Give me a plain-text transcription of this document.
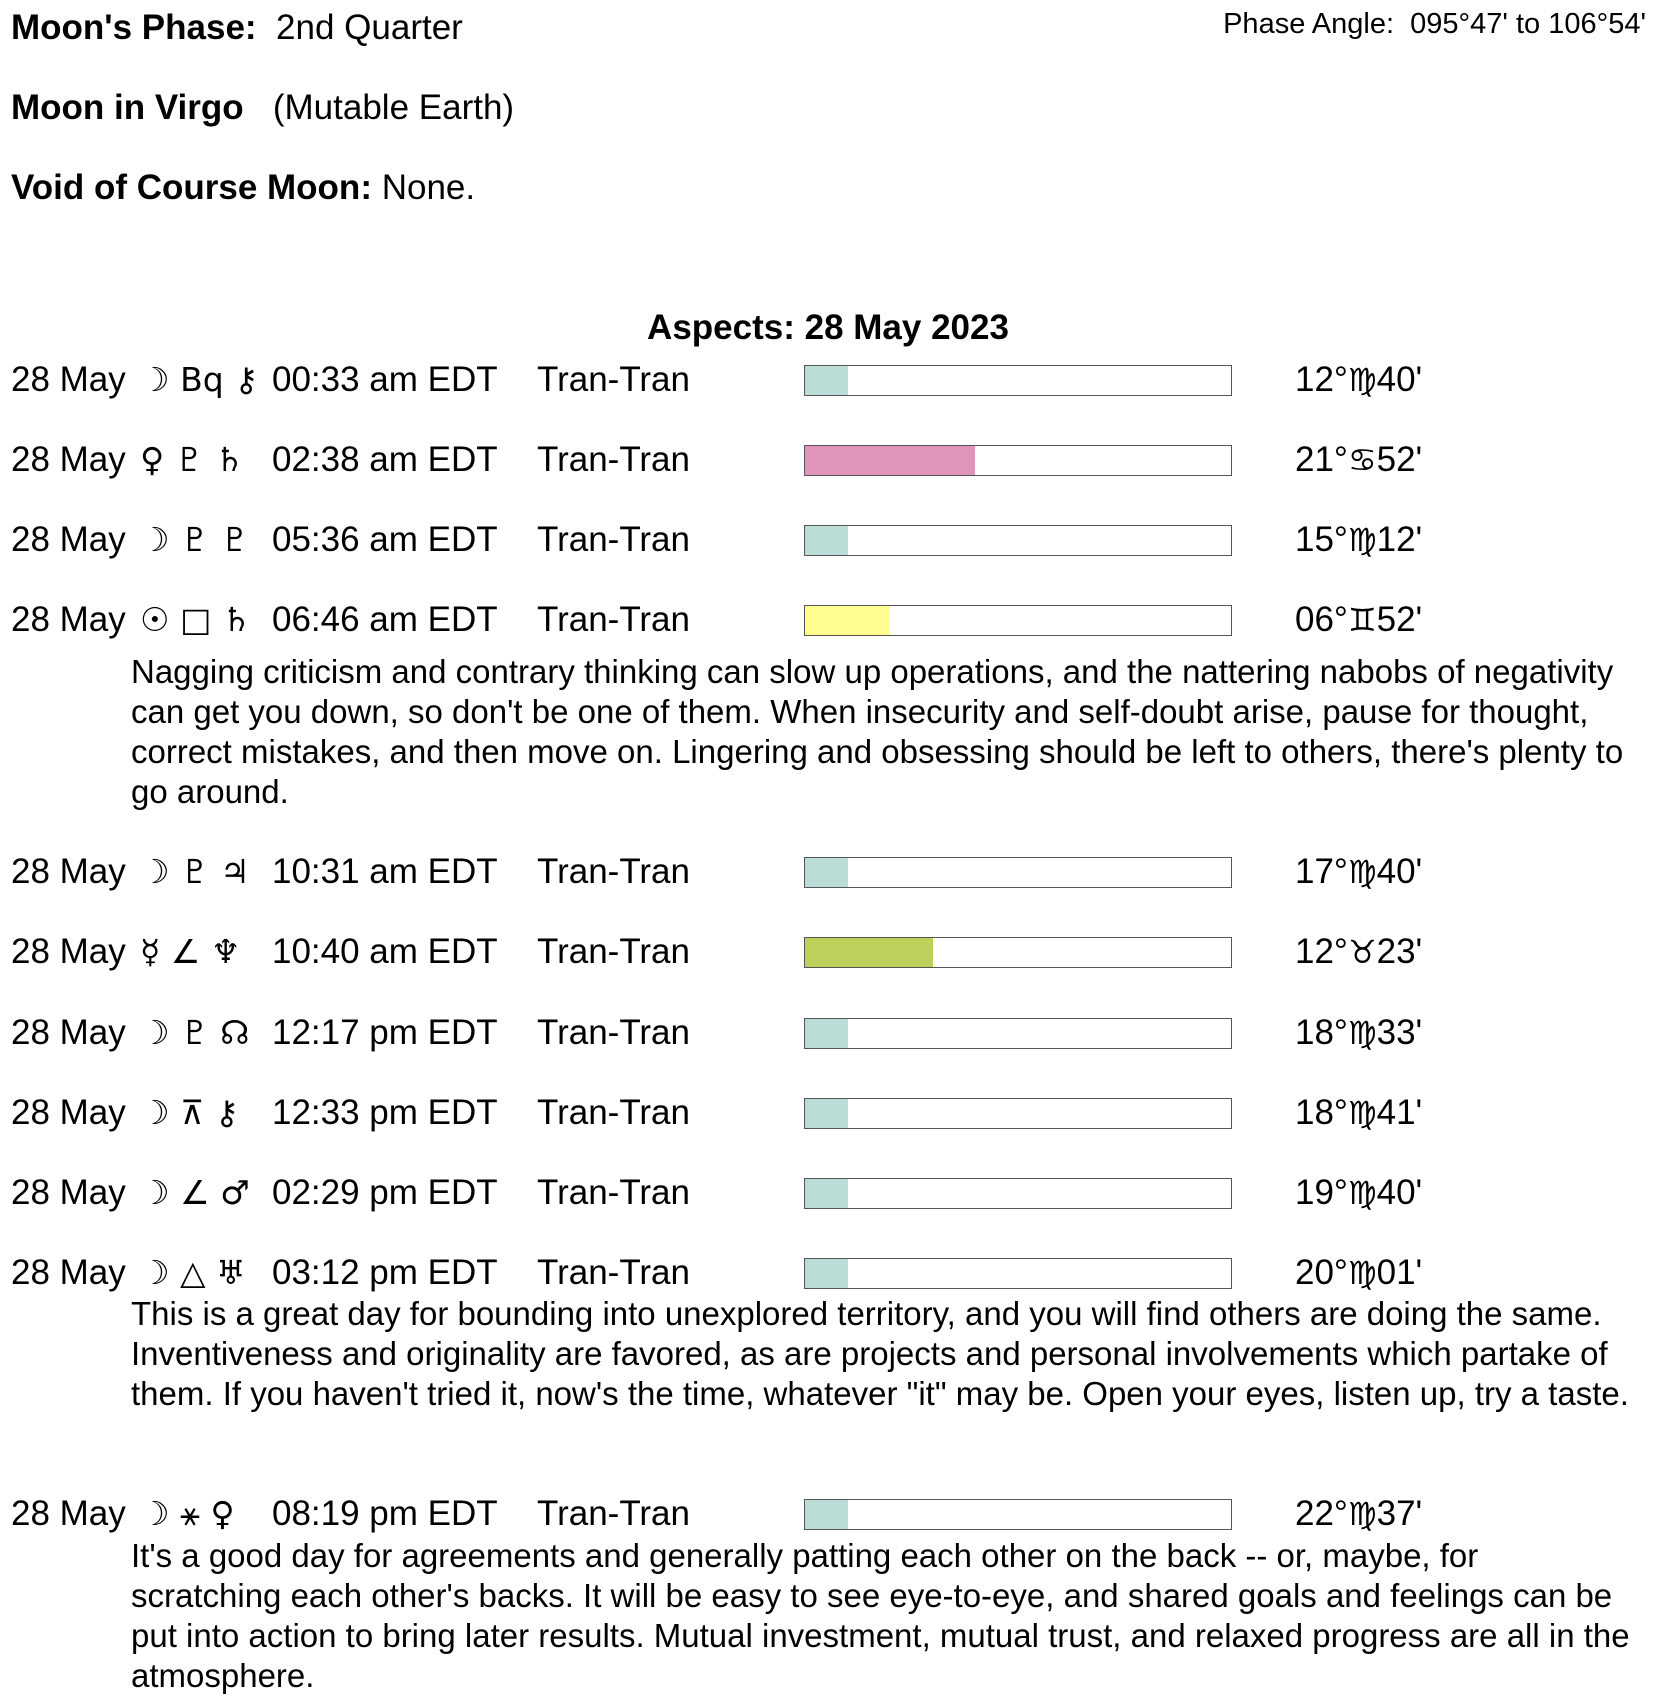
Moon's Phase: 2nd Quarter	Phase Angle: 095°47' to 106°54'
Moon in Virgo (Mutable Earth)
Void of Course Moon: None.
Aspects: 28 May 2023
28 May ☽ Bq ⚷ 00:33 am EDT Tran-Tran	12°♍40'
28 May ♀ ♇ ♄ 02:38 am EDT Tran-Tran	21°♋52'
28 May ☽ ♇ ♇ 05:36 am EDT Tran-Tran	15°♍12'
28 May ☉ □ ♄ 06:46 am EDT Tran-Tran	06°♊52'
Nagging criticism and contrary thinking can slow up operations, and the nattering nabobs of negativity can get you down, so don't be one of them. When insecurity and self-doubt arise, pause for thought, correct mistakes, and then move on. Lingering and obsessing should be left to others, there's plenty to go around.
28 May ☽ ♇ ♃ 10:31 am EDT Tran-Tran	17°♍40'
28 May ☿ ∠ ♆ 10:40 am EDT Tran-Tran	12°♉23'
28 May ☽ ♇ ☊ 12:17 pm EDT Tran-Tran	18°♍33'
28 May ☽ ⊼ ⚷ 12:33 pm EDT Tran-Tran	18°♍41'
28 May ☽ ∠ ♂ 02:29 pm EDT Tran-Tran	19°♍40'
28 May ☽ △ ♅ 03:12 pm EDT Tran-Tran	20°♍01'
This is a great day for bounding into unexplored territory, and you will find others are doing the same. Inventiveness and originality are favored, as are projects and personal involvements which partake of them. If you haven't tried it, now's the time, whatever "it" may be. Open your eyes, listen up, try a taste.
28 May ☽ ⚹ ♀ 08:19 pm EDT Tran-Tran	22°♍37'
It's a good day for agreements and generally patting each other on the back -- or, maybe, for scratching each other's backs. It will be easy to see eye-to-eye, and shared goals and feelings can be put into action to bring later results. Mutual investment, mutual trust, and relaxed progress are all in the atmosphere.
